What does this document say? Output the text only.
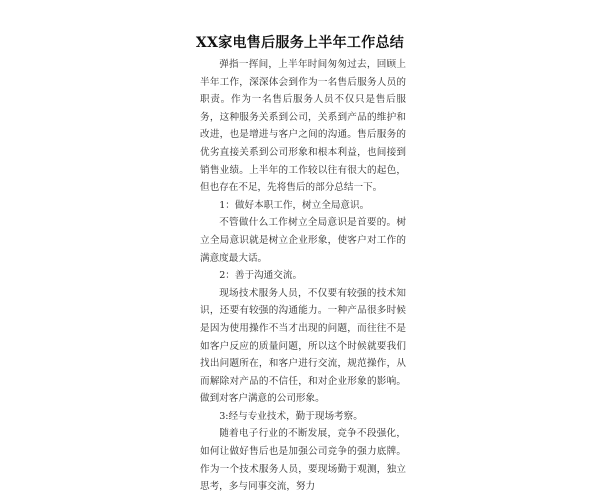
XX家电售后服务上半年工作总结

弹指一挥间，上半年时间匆匆过去，回顾上半年工作，深深体会到作为一名售后服务人员的职责。作为一名售后服务人员不仅只是售后服务，这种服务关系到公司，关系到产品的维护和改进，也是增进与客户之间的沟通。售后服务的优劣直接关系到公司形象和根本利益，也间接到销售业绩。上半年的工作较以往有很大的起色，但也存在不足，先将售后的部分总结一下。

1：做好本职工作，树立全局意识。

不管做什么工作树立全局意识是首要的。树立全局意识就是树立企业形象，使客户对工作的满意度最大话。

2：善于沟通交流。

现场技术服务人员，不仅要有较强的技术知识，还要有较强的沟通能力。一种产品很多时候是因为使用操作不当才出现的问题，而往往不是如客户反应的质量问题，所以这个时候就要我们找出问题所在，和客户进行交流，规范操作，从而解除对产品的不信任，和对企业形象的影响。做到对客户满意的公司形象。

3:经与专业技术，勤于现场考察。

随着电子行业的不断发展，竞争不段强化，如何让做好售后也是加强公司竞争的强力底牌。作为一个技术服务人员，要现场勤于观测，独立思考，多与同事交流，努力
